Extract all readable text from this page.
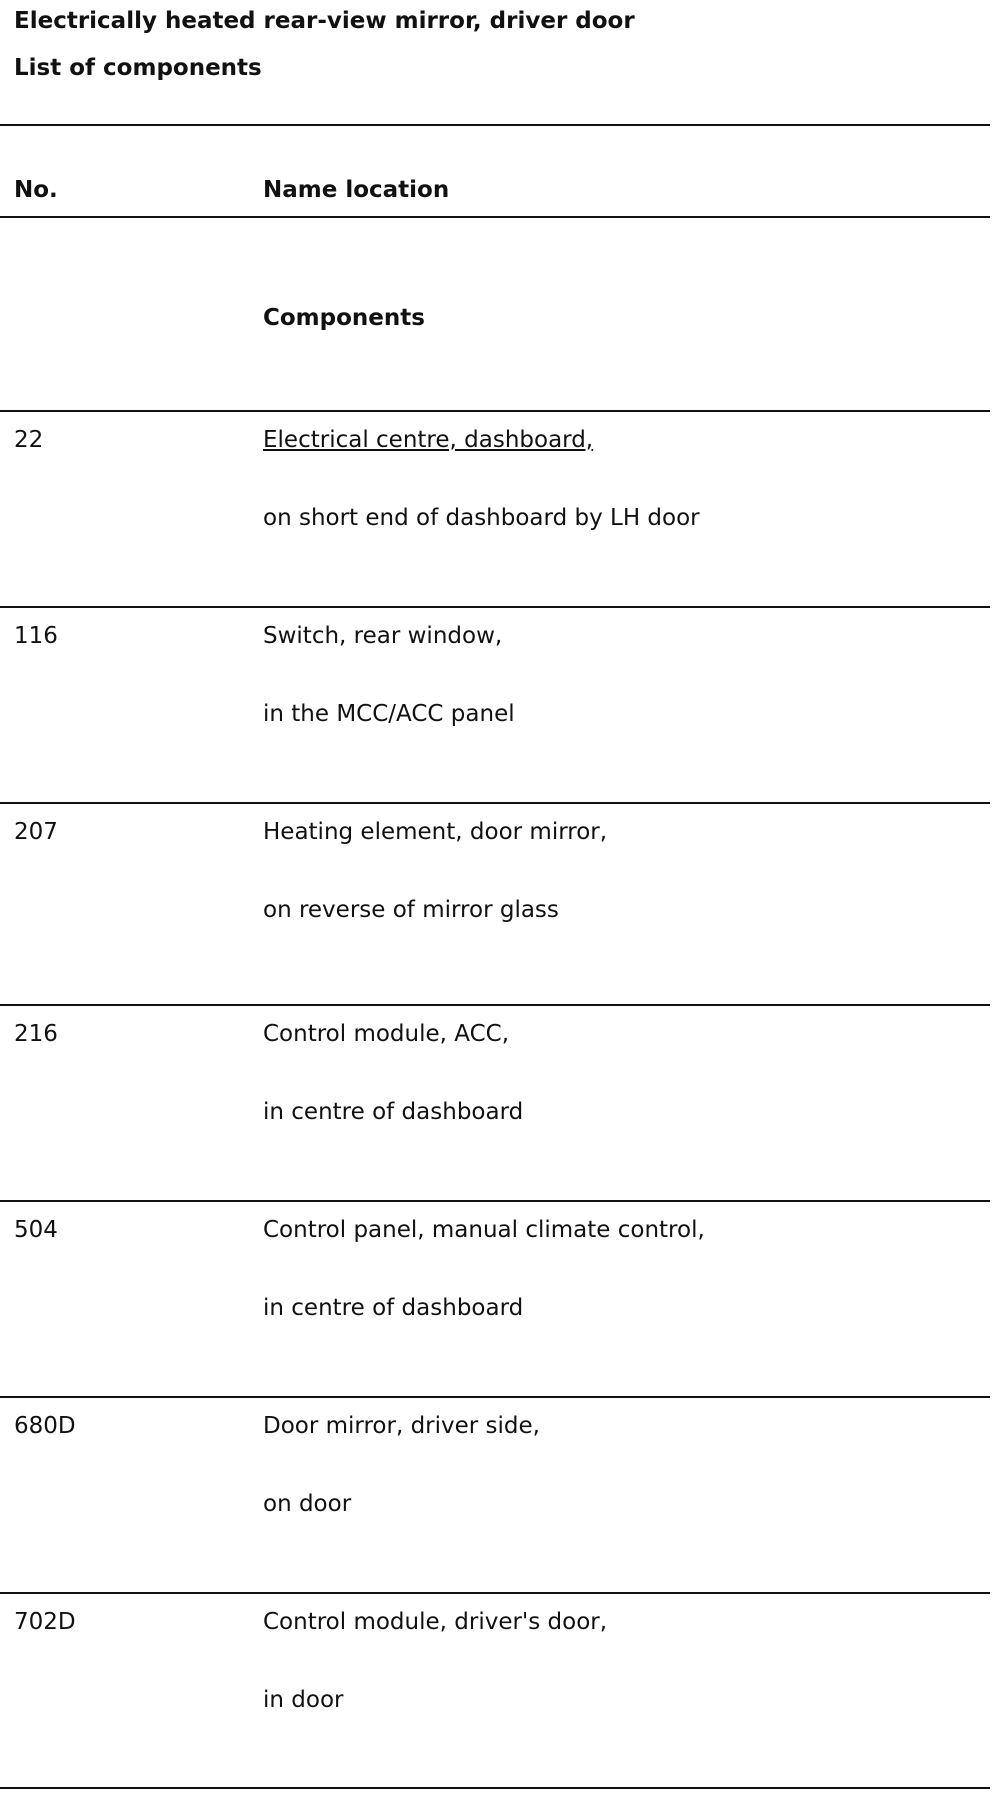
Electrically heated rear-view mirror, driver door
List of components
No.	Name location
Components
22	Electrical centre, dashboard,
on short end of dashboard by LH door
116	Switch, rear window,
in the MCC/ACC panel
207	Heating element, door mirror,
on reverse of mirror glass
216	Control module, ACC,
in centre of dashboard
504	Control panel, manual climate control,
in centre of dashboard
680D	Door mirror, driver side,
on door
702D	Control module, driver's door,
in door
